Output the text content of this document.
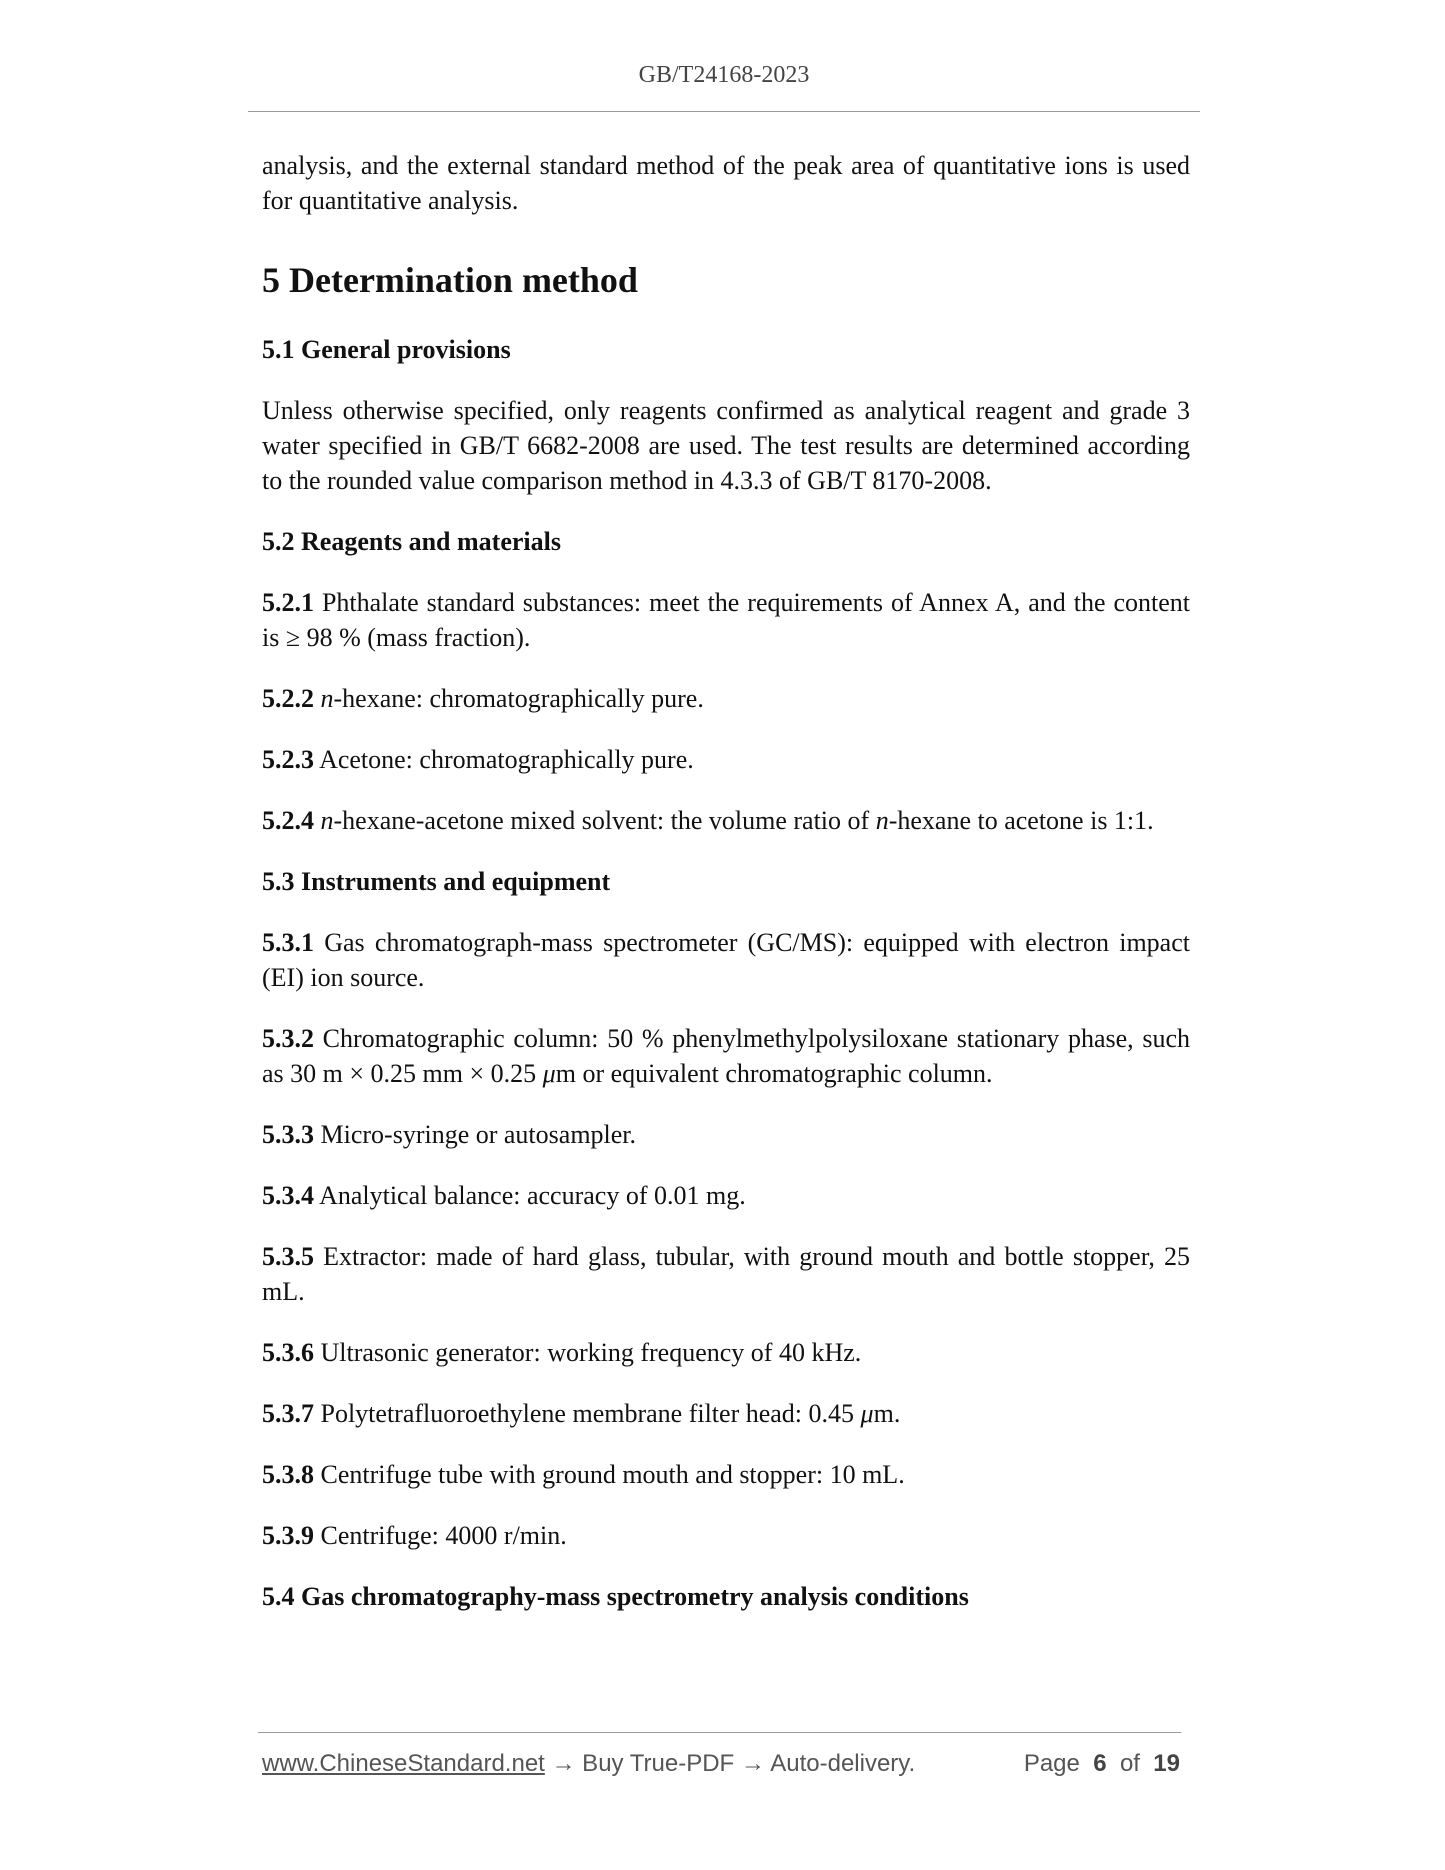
GB/T24168-2023

analysis, and the external standard method of the peak area of quantitative ions is used for quantitative analysis.

5 Determination method
5.1 General provisions

Unless otherwise specified, only reagents confirmed as analytical reagent and grade 3 water specified in GB/T 6682-2008 are used. The test results are determined according to the rounded value comparison method in 4.3.3 of GB/T 8170-2008.

5.2 Reagents and materials

5.2.1 Phthalate standard substances: meet the requirements of Annex A, and the content is ≥ 98 % (mass fraction).

5.2.2 n-hexane: chromatographically pure.

5.2.3 Acetone: chromatographically pure.

5.2.4 n-hexane-acetone mixed solvent: the volume ratio of n-hexane to acetone is 1:1.

5.3 Instruments and equipment

5.3.1 Gas chromatograph-mass spectrometer (GC/MS): equipped with electron impact (EI) ion source.

5.3.2 Chromatographic column: 50 % phenylmethylpolysiloxane stationary phase, such as 30 m × 0.25 mm × 0.25 μm or equivalent chromatographic column.

5.3.3 Micro-syringe or autosampler.

5.3.4 Analytical balance: accuracy of 0.01 mg.

5.3.5 Extractor: made of hard glass, tubular, with ground mouth and bottle stopper, 25 mL.

5.3.6 Ultrasonic generator: working frequency of 40 kHz.

5.3.7 Polytetrafluoroethylene membrane filter head: 0.45 μm.

5.3.8 Centrifuge tube with ground mouth and stopper: 10 mL.

5.3.9 Centrifuge: 4000 r/min.

5.4 Gas chromatography-mass spectrometry analysis conditions
www.ChineseStandard.net → Buy True-PDF → Auto-delivery.	Page 6 of 19
